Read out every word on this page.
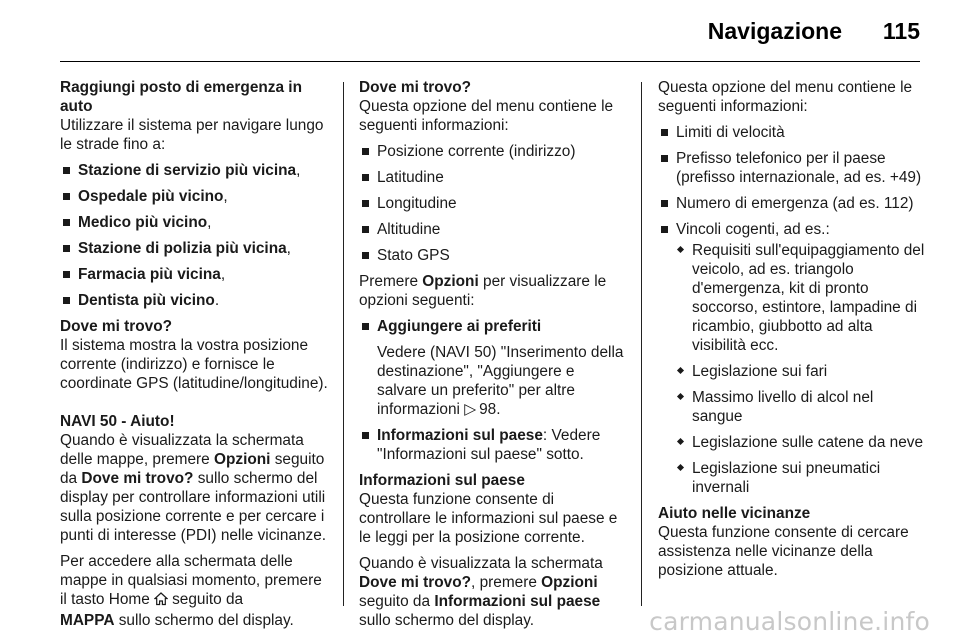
Navigazione 115
Raggiungi posto di emergenza in auto

Utilizzare il sistema per navigare lungo le strade fino a:

Stazione di servizio più vicina,
Ospedale più vicino,
Medico più vicino,
Stazione di polizia più vicina,
Farmacia più vicina,
Dentista più vicino.
Dove mi trovo?

Il sistema mostra la vostra posizione corrente (indirizzo) e fornisce le coordinate GPS (latitudine/longitudine).

NAVI 50 - Aiuto!

Quando è visualizzata la schermata delle mappe, premere Opzioni seguito da Dove mi trovo? sullo schermo del display per controllare informazioni utili sulla posizione corrente e per cercare i punti di interesse (PDI) nelle vicinanze.

Per accedere alla schermata delle mappe in qualsiasi momento, premere il tasto Home seguito da
MAPPA sullo schermo del display.

Dove mi trovo?

Questa opzione del menu contiene le seguenti informazioni:

Posizione corrente (indirizzo)
Latitudine
Longitudine
Altitudine
Stato GPS

Premere Opzioni per visualizzare le opzioni seguenti:

Aggiungere ai preferiti
Vedere (NAVI 50) "Inserimento della destinazione", "Aggiungere e salvare un preferito" per altre informazioni ▷ 98.
Informazioni sul paese: Vedere "Informazioni sul paese" sotto.
Informazioni sul paese

Questa funzione consente di controllare le informazioni sul paese e le leggi per la posizione corrente.

Quando è visualizzata la schermata Dove mi trovo?, premere Opzioni seguito da Informazioni sul paese sullo schermo del display.

Questa opzione del menu contiene le seguenti informazioni:

Limiti di velocità
Prefisso telefonico per il paese (prefisso internazionale, ad es. +49)
Numero di emergenza (ad es. 112)
Vincoli cogenti, ad es.:
Requisiti sull'equipaggiamento del veicolo, ad es. triangolo d'emergenza, kit di pronto soccorso, estintore, lampadine di ricambio, giubbotto ad alta visibilità ecc.
Legislazione sui fari
Massimo livello di alcol nel sangue
Legislazione sulle catene da neve
Legislazione sui pneumatici invernali
Aiuto nelle vicinanze

Questa funzione consente di cercare assistenza nelle vicinanze della posizione attuale.

carmanualsonline.info
